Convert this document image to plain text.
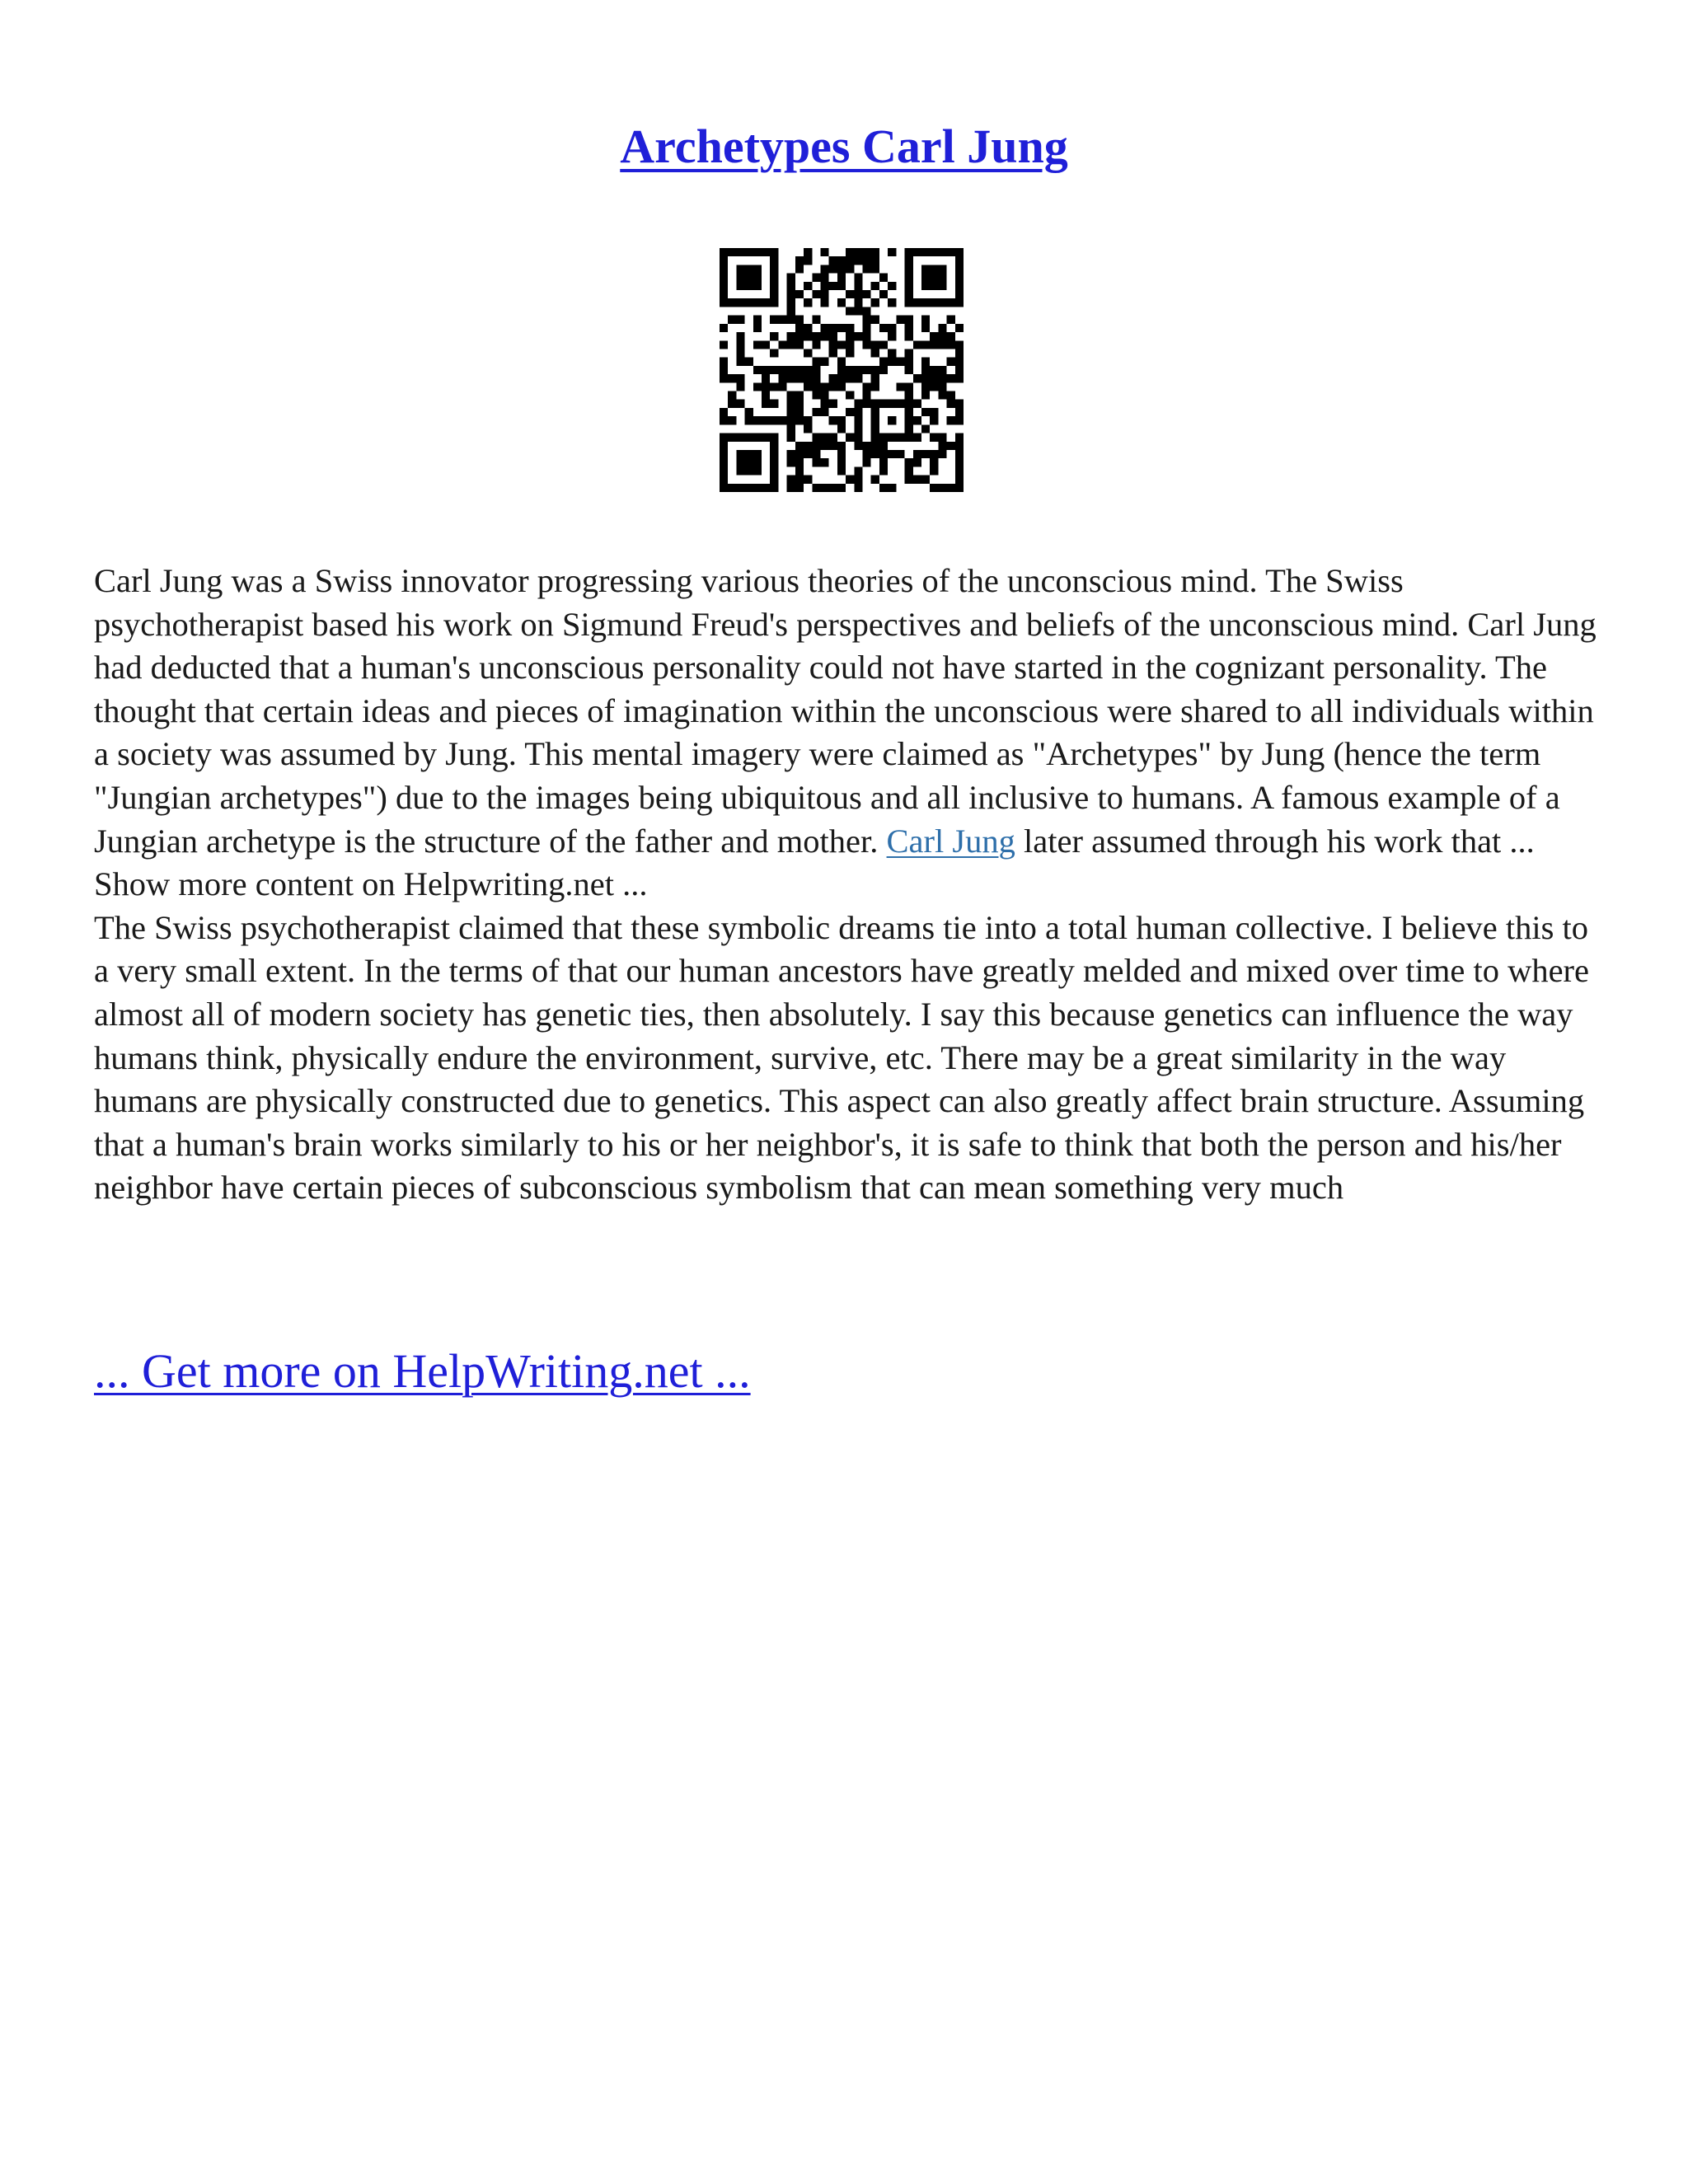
Archetypes Carl Jung

Carl Jung was a Swiss innovator progressing various theories of the unconscious mind. The Swiss psychotherapist based his work on Sigmund Freud's perspectives and beliefs of the unconscious mind. Carl Jung had deducted that a human's unconscious personality could not have started in the cognizant personality. The thought that certain ideas and pieces of imagination within the unconscious were shared to all individuals within a society was assumed by Jung. This mental imagery were claimed as "Archetypes" by Jung (hence the term "Jungian archetypes") due to the images being ubiquitous and all inclusive to humans. A famous example of a Jungian archetype is the structure of the father and mother. Carl Jung later assumed through his work that ... Show more content on Helpwriting.net ...

The Swiss psychotherapist claimed that these symbolic dreams tie into a total human collective. I believe this to a very small extent. In the terms of that our human ancestors have greatly melded and mixed over time to where almost all of modern society has genetic ties, then absolutely. I say this because genetics can influence the way humans think, physically endure the environment, survive, etc. There may be a great similarity in the way humans are physically constructed due to genetics. This aspect can also greatly affect brain structure. Assuming that a human's brain works similarly to his or her neighbor's, it is safe to think that both the person and his/her neighbor have certain pieces of subconscious symbolism that can mean something very much

... Get more on HelpWriting.net ...
